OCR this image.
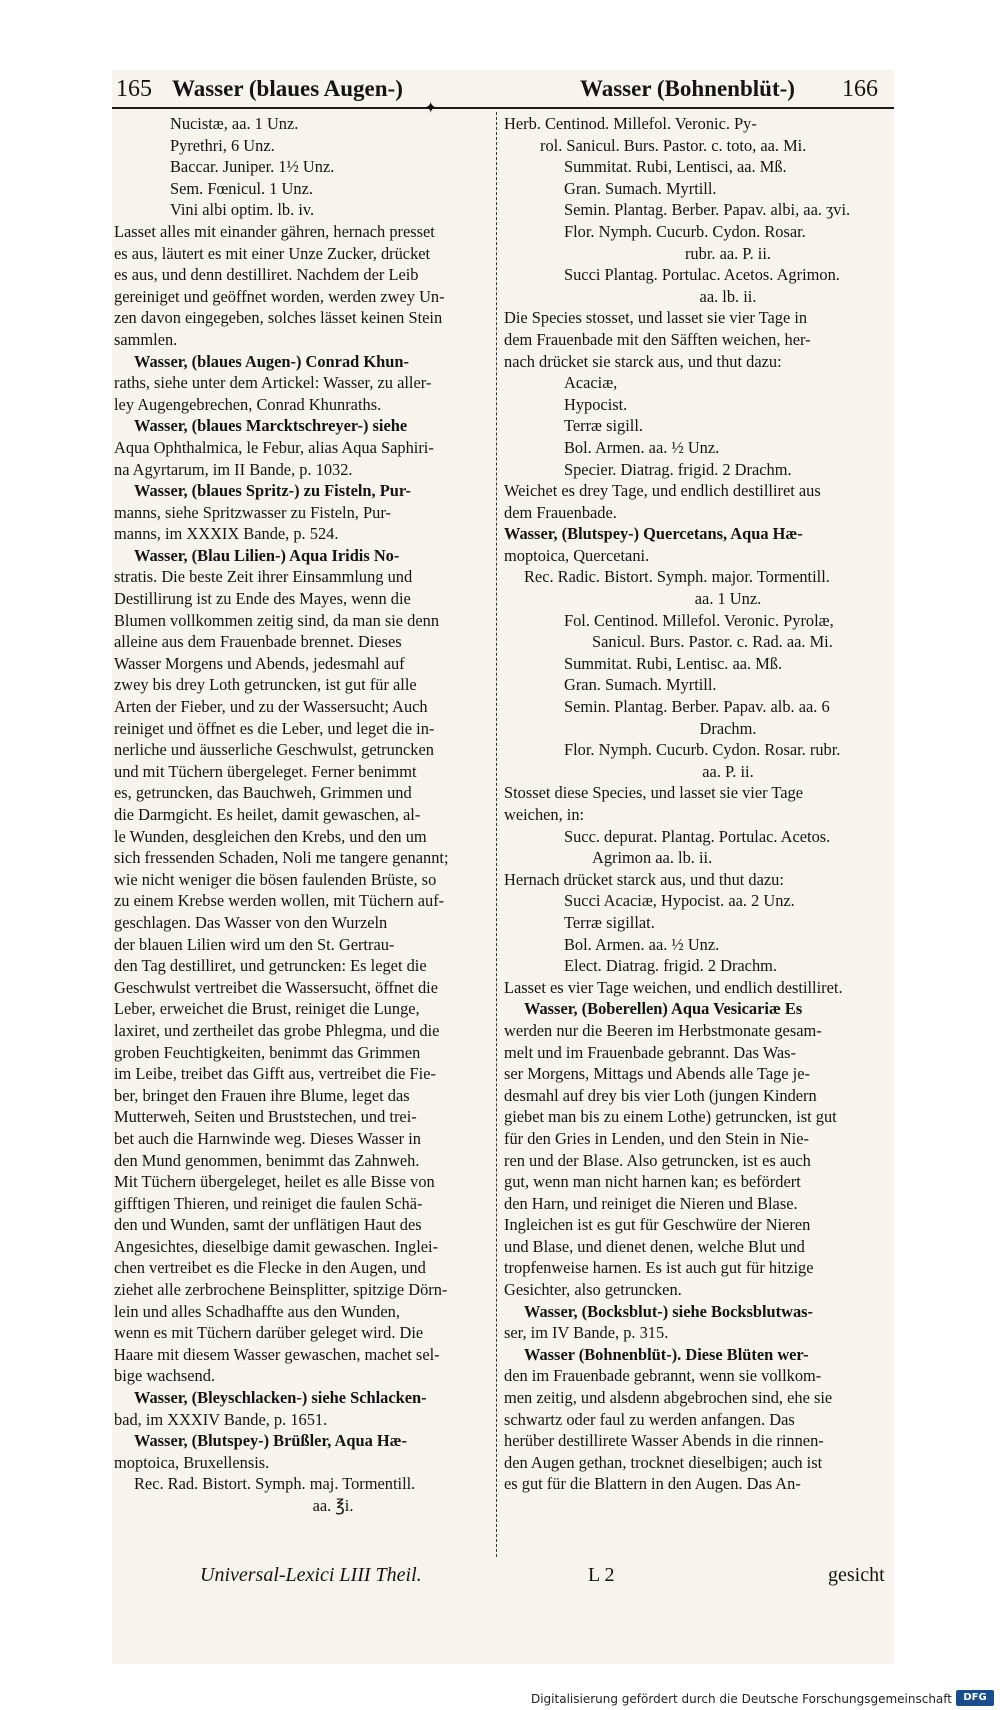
165 Wasser (blaues Augen-)	Wasser (Bohnenblüt-) 166
✦
Nucistæ, aa. 1 Unz.
Pyrethri, 6 Unz.
Baccar. Juniper. 1½ Unz.
Sem. Fœnicul. 1 Unz.
Vini albi optim. lb. iv.
Lasset alles mit einander gähren, hernach presset
es aus, läutert es mit einer Unze Zucker, drücket
es aus, und denn destilliret. Nachdem der Leib
gereiniget und geöffnet worden, werden zwey Un-
zen davon eingegeben, solches lässet keinen Stein
sammlen.
Wasser, (blaues Augen-) Conrad Khun-
raths, siehe unter dem Artickel: Wasser, zu aller-
ley Augengebrechen, Conrad Khunraths.
Wasser, (blaues Marcktschreyer-) siehe
Aqua Ophthalmica, le Febur, alias Aqua Saphiri-
na Agyrtarum, im II Bande, p. 1032.
Wasser, (blaues Spritz-) zu Fisteln, Pur-
manns, siehe Spritzwasser zu Fisteln, Pur-
manns, im XXXIX Bande, p. 524.
Wasser, (Blau Lilien-) Aqua Iridis No-
stratis. Die beste Zeit ihrer Einsammlung und
Destillirung ist zu Ende des Mayes, wenn die
Blumen vollkommen zeitig sind, da man sie denn
alleine aus dem Frauenbade brennet. Dieses
Wasser Morgens und Abends, jedesmahl auf
zwey bis drey Loth getruncken, ist gut für alle
Arten der Fieber, und zu der Wassersucht; Auch
reiniget und öffnet es die Leber, und leget die in-
nerliche und äusserliche Geschwulst, getruncken
und mit Tüchern übergeleget. Ferner benimmt
es, getruncken, das Bauchweh, Grimmen und
die Darmgicht. Es heilet, damit gewaschen, al-
le Wunden, desgleichen den Krebs, und den um
sich fressenden Schaden, Noli me tangere genannt;
wie nicht weniger die bösen faulenden Brüste, so
zu einem Krebse werden wollen, mit Tüchern auf-
geschlagen. Das Wasser von den Wurzeln
der blauen Lilien wird um den St. Gertrau-
den Tag destilliret, und getruncken: Es leget die
Geschwulst vertreibet die Wassersucht, öffnet die
Leber, erweichet die Brust, reiniget die Lunge,
laxiret, und zertheilet das grobe Phlegma, und die
groben Feuchtigkeiten, benimmt das Grimmen
im Leibe, treibet das Gifft aus, vertreibet die Fie-
ber, bringet den Frauen ihre Blume, leget das
Mutterweh, Seiten und Bruststechen, und trei-
bet auch die Harnwinde weg. Dieses Wasser in
den Mund genommen, benimmt das Zahnweh.
Mit Tüchern übergeleget, heilet es alle Bisse von
gifftigen Thieren, und reiniget die faulen Schä-
den und Wunden, samt der unflätigen Haut des
Angesichtes, dieselbige damit gewaschen. Inglei-
chen vertreibet es die Flecke in den Augen, und
ziehet alle zerbrochene Beinsplitter, spitzige Dörn-
lein und alles Schadhaffte aus den Wunden,
wenn es mit Tüchern darüber geleget wird. Die
Haare mit diesem Wasser gewaschen, machet sel-
bige wachsend.
Wasser, (Bleyschlacken-) siehe Schlacken-
bad, im XXXIV Bande, p. 1651.
Wasser, (Blutspey-) Brüßler, Aqua Hæ-
moptoica, Bruxellensis.
Rec. Rad. Bistort. Symph. maj. Tormentill.
aa. ℥i.
Herb. Centinod. Millefol. Veronic. Py-
rol. Sanicul. Burs. Pastor. c. toto, aa. Mi.
Summitat. Rubi, Lentisci, aa. Mß.
Gran. Sumach. Myrtill.
Semin. Plantag. Berber. Papav. albi, aa. ʒvi.
Flor. Nymph. Cucurb. Cydon. Rosar.
rubr. aa. P. ii.
Succi Plantag. Portulac. Acetos. Agrimon.
aa. lb. ii.
Die Species stosset, und lasset sie vier Tage in
dem Frauenbade mit den Säfften weichen, her-
nach drücket sie starck aus, und thut dazu:
Acaciæ,
Hypocist.
Terræ sigill.
Bol. Armen. aa. ½ Unz.
Specier. Diatrag. frigid. 2 Drachm.
Weichet es drey Tage, und endlich destilliret aus
dem Frauenbade.
Wasser, (Blutspey-) Quercetans, Aqua Hæ-
moptoica, Quercetani.
Rec. Radic. Bistort. Symph. major. Tormentill.
aa. 1 Unz.
Fol. Centinod. Millefol. Veronic. Pyrolæ,
Sanicul. Burs. Pastor. c. Rad. aa. Mi.
Summitat. Rubi, Lentisc. aa. Mß.
Gran. Sumach. Myrtill.
Semin. Plantag. Berber. Papav. alb. aa. 6
Drachm.
Flor. Nymph. Cucurb. Cydon. Rosar. rubr.
aa. P. ii.
Stosset diese Species, und lasset sie vier Tage
weichen, in:
Succ. depurat. Plantag. Portulac. Acetos.
Agrimon aa. lb. ii.
Hernach drücket starck aus, und thut dazu:
Succi Acaciæ, Hypocist. aa. 2 Unz.
Terræ sigillat.
Bol. Armen. aa. ½ Unz.
Elect. Diatrag. frigid. 2 Drachm.
Lasset es vier Tage weichen, und endlich destilliret.
Wasser, (Boberellen) Aqua Vesicariæ Es
werden nur die Beeren im Herbstmonate gesam-
melt und im Frauenbade gebrannt. Das Was-
ser Morgens, Mittags und Abends alle Tage je-
desmahl auf drey bis vier Loth (jungen Kindern
giebet man bis zu einem Lothe) getruncken, ist gut
für den Gries in Lenden, und den Stein in Nie-
ren und der Blase. Also getruncken, ist es auch
gut, wenn man nicht harnen kan; es befördert
den Harn, und reiniget die Nieren und Blase.
Ingleichen ist es gut für Geschwüre der Nieren
und Blase, und dienet denen, welche Blut und
tropfenweise harnen. Es ist auch gut für hitzige
Gesichter, also getruncken.
Wasser, (Bocksblut-) siehe Bocksblutwas-
ser, im IV Bande, p. 315.
Wasser (Bohnenblüt-). Diese Blüten wer-
den im Frauenbade gebrannt, wenn sie vollkom-
men zeitig, und alsdenn abgebrochen sind, ehe sie
schwartz oder faul zu werden anfangen. Das
herüber destillirete Wasser Abends in die rinnen-
den Augen gethan, trocknet dieselbigen; auch ist
es gut für die Blattern in den Augen. Das An-
Universal-Lexici LIII Theil.	L 2	gesicht
Digitalisierung gefördert durch die Deutsche Forschungsgemeinschaft	DFG
